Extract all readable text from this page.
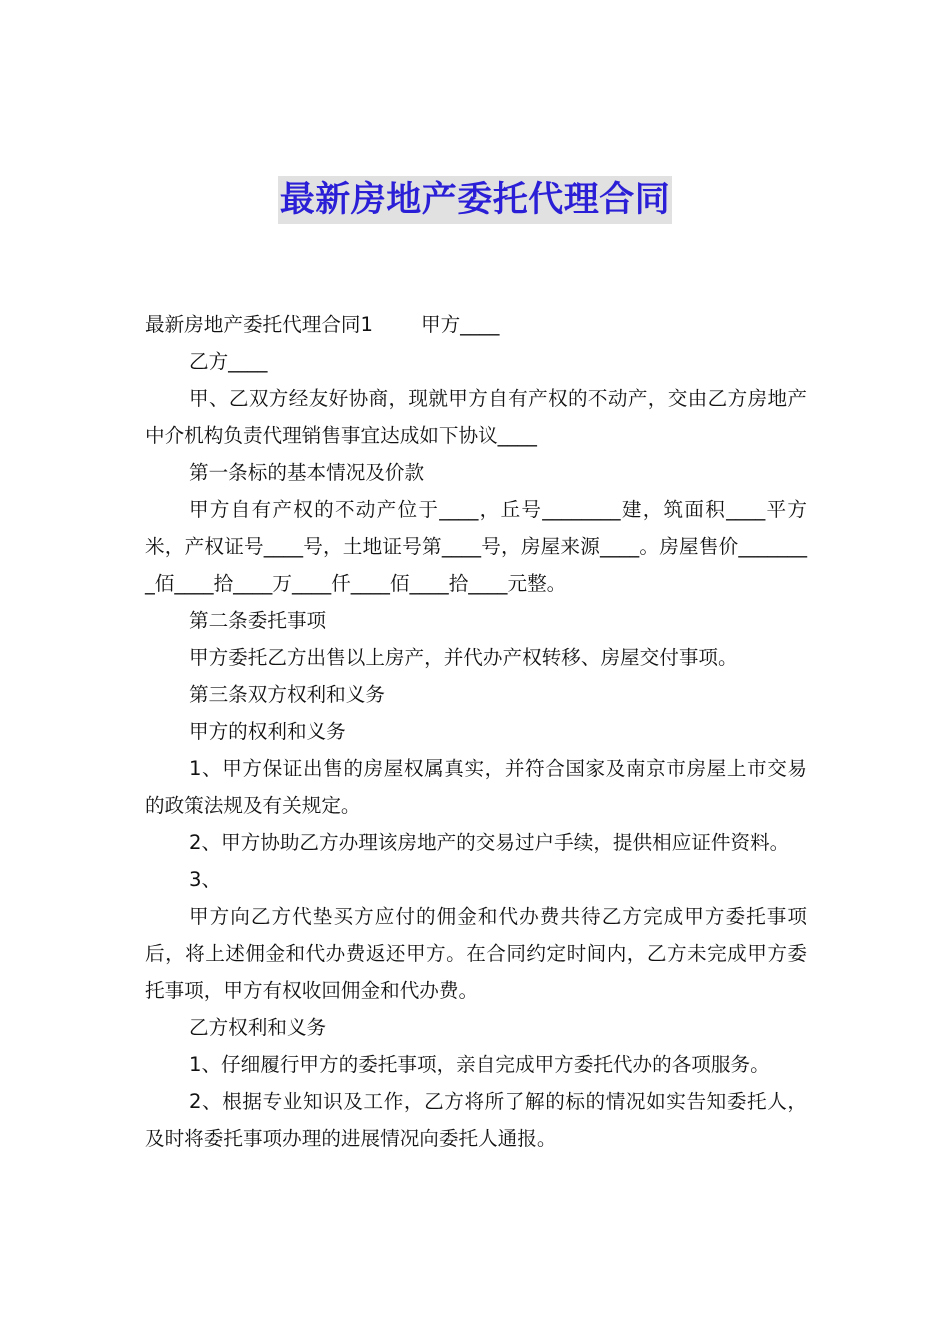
最新房地产委托代理合同

最新房地产委托代理合同1 甲方____

乙方____

甲、乙双方经友好协商，现就甲方自有产权的不动产，交由乙方房地产中介机构负责代理销售事宜达成如下协议____

第一条标的基本情况及价款

甲方自有产权的不动产位于____，丘号________建，筑面积____平方米，产权证号____号，土地证号第____号，房屋来源____。房屋售价________佰____拾____万____仟____佰____拾____元整。

第二条委托事项

甲方委托乙方出售以上房产，并代办产权转移、房屋交付事项。

第三条双方权利和义务

甲方的权利和义务

1、甲方保证出售的房屋权属真实，并符合国家及南京市房屋上市交易的政策法规及有关规定。

2、甲方协助乙方办理该房地产的交易过户手续，提供相应证件资料。

3、

甲方向乙方代垫买方应付的佣金和代办费共待乙方完成甲方委托事项后，将上述佣金和代办费返还甲方。在合同约定时间内，乙方未完成甲方委托事项，甲方有权收回佣金和代办费。

乙方权利和义务

1、仔细履行甲方的委托事项，亲自完成甲方委托代办的各项服务。

2、根据专业知识及工作，乙方将所了解的标的情况如实告知委托人，及时将委托事项办理的进展情况向委托人通报。
